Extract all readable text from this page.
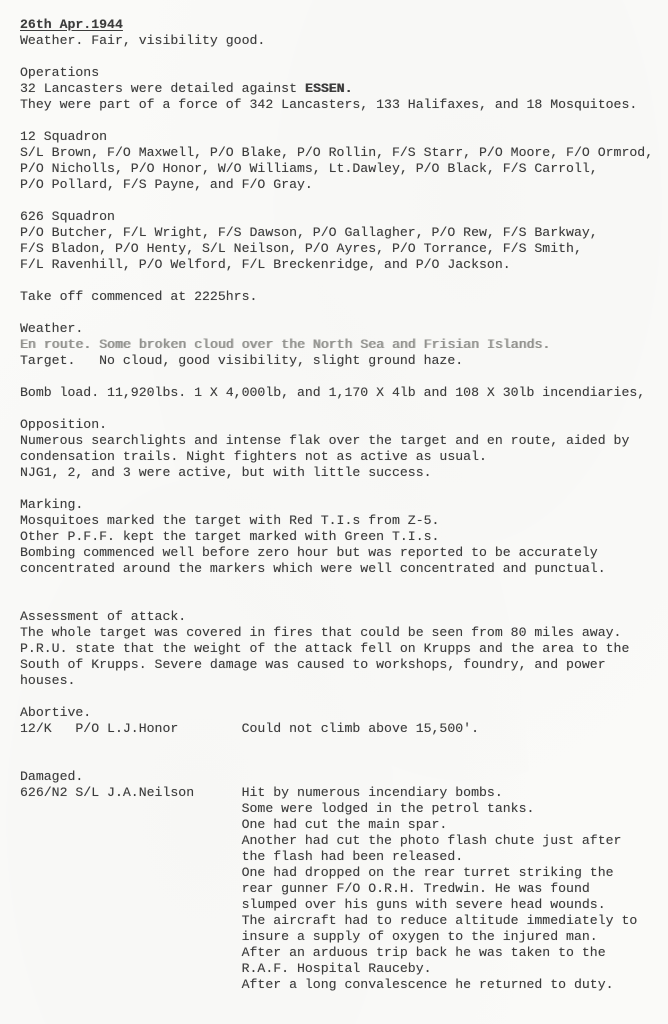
26th Apr.1944
Weather. Fair, visibility good.
Operations
32 Lancasters were detailed against ESSEN.
They were part of a force of 342 Lancasters, 133 Halifaxes, and 18 Mosquitoes.
12 Squadron
S/L Brown, F/O Maxwell, P/O Blake, P/O Rollin, F/S Starr, P/O Moore, F/O Ormrod,
P/O Nicholls, P/O Honor, W/O Williams, Lt.Dawley, P/O Black, F/S Carroll,
P/O Pollard, F/S Payne, and F/O Gray.
626 Squadron
P/O Butcher, F/L Wright, F/S Dawson, P/O Gallagher, P/O Rew, F/S Barkway,
F/S Bladon, P/O Henty, S/L Neilson, P/O Ayres, P/O Torrance, F/S Smith,
F/L Ravenhill, P/O Welford, F/L Breckenridge, and P/O Jackson.
Take off commenced at 2225hrs.
Weather.
En route. Some broken cloud over the North Sea and Frisian Islands.
Target.   No cloud, good visibility, slight ground haze.
Bomb load. 11,920lbs. 1 X 4,000lb, and 1,170 X 4lb and 108 X 30lb incendiaries,
Opposition.
Numerous searchlights and intense flak over the target and en route, aided by
condensation trails. Night fighters not as active as usual.
NJG1, 2, and 3 were active, but with little success.
Marking.
Mosquitoes marked the target with Red T.I.s from Z-5.
Other P.F.F. kept the target marked with Green T.I.s.
Bombing commenced well before zero hour but was reported to be accurately
concentrated around the markers which were well concentrated and punctual.
Assessment of attack.
The whole target was covered in fires that could be seen from 80 miles away.
P.R.U. state that the weight of the attack fell on Krupps and the area to the
South of Krupps. Severe damage was caused to workshops, foundry, and power
houses.
Abortive.
12/K   P/O L.J.Honor        Could not climb above 15,500'.
Damaged.
626/N2 S/L J.A.Neilson      Hit by numerous incendiary bombs.
Some were lodged in the petrol tanks.
One had cut the main spar.
Another had cut the photo flash chute just after
the flash had been released.
One had dropped on the rear turret striking the
rear gunner F/O O.R.H. Tredwin. He was found
slumped over his guns with severe head wounds.
The aircraft had to reduce altitude immediately to
insure a supply of oxygen to the injured man.
After an arduous trip back he was taken to the
R.A.F. Hospital Rauceby.
After a long convalescence he returned to duty.
